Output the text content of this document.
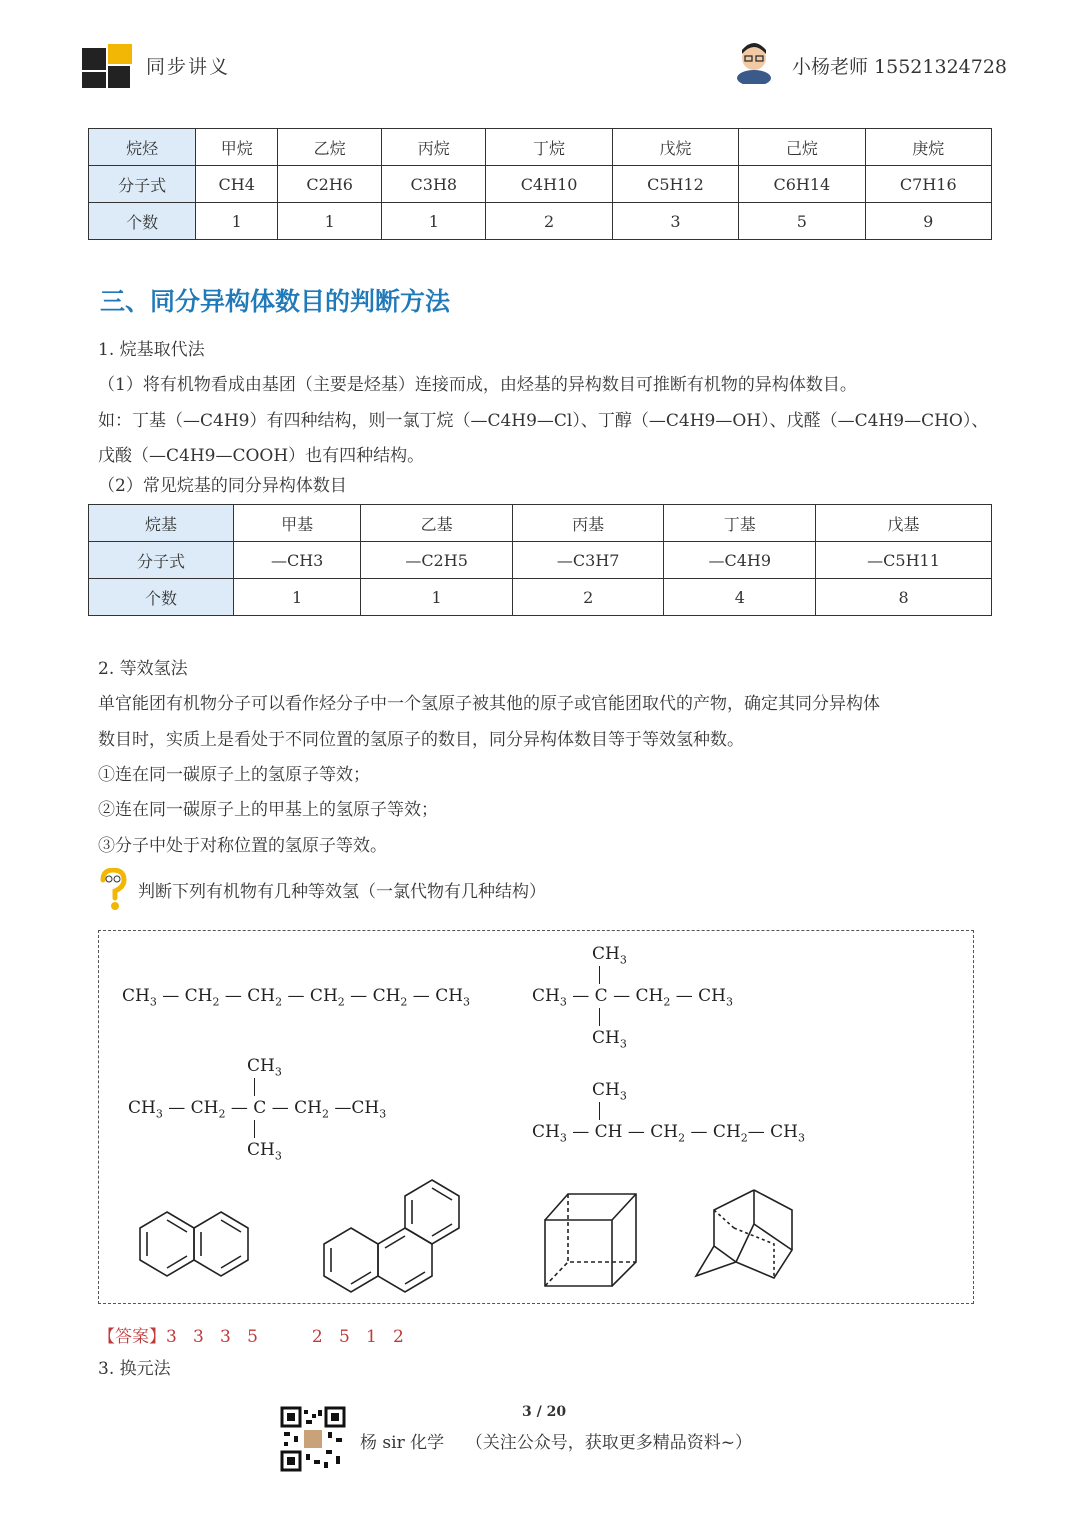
同步讲义	小杨老师 15521324728
烷烃	甲烷	乙烷	丙烷	丁烷	戊烷	己烷	庚烷
分子式	CH4	C2H6	C3H8	C4H10	C5H12	C6H14	C7H16
个数	1	1	1	2	3	5	9
三、同分异构体数目的判断方法
1. 烷基取代法
（1）将有机物看成由基团（主要是烃基）连接而成，由烃基的异构数目可推断有机物的异构体数目。
如：丁基（—C4H9）有四种结构，则一氯丁烷（—C4H9—Cl）、丁醇（—C4H9—OH）、戊醛（—C4H9—CHO）、
戊酸（—C4H9—COOH）也有四种结构。
（2）常见烷基的同分异构体数目
烷基	甲基	乙基	丙基	丁基	戊基
分子式	—CH3	—C2H5	—C3H7	—C4H9	—C5H11
个数	1	1	2	4	8
2. 等效氢法
单官能团有机物分子可以看作烃分子中一个氢原子被其他的原子或官能团取代的产物，确定其同分异构体
数目时，实质上是看处于不同位置的氢原子的数目，同分异构体数目等于等效氢种数。
①连在同一碳原子上的氢原子等效；
②连在同一碳原子上的甲基上的氢原子等效；
③分子中处于对称位置的氢原子等效。
判断下列有机物有几种等效氢（一氯代物有几种结构）
$CH_3$ — $CH_2$ — $CH_2$ — $CH_2$ — $CH_2$ — $CH_3$
$CH_3$
$CH_3$ — C — $CH_2$ — $CH_3$
$CH_3$
$CH_3$
$CH_3$ — $CH_2$ — C — $CH_2$ $—CH_3$
$CH_3$
$CH_3$
$CH_3$ — CH — $CH_2$ — $CH_2—$ $CH_3$
【答案】3   3   3   5          2   5   1   2
3. 换元法
3 / 20
杨 sir 化学    （关注公众号，获取更多精品资料~）
